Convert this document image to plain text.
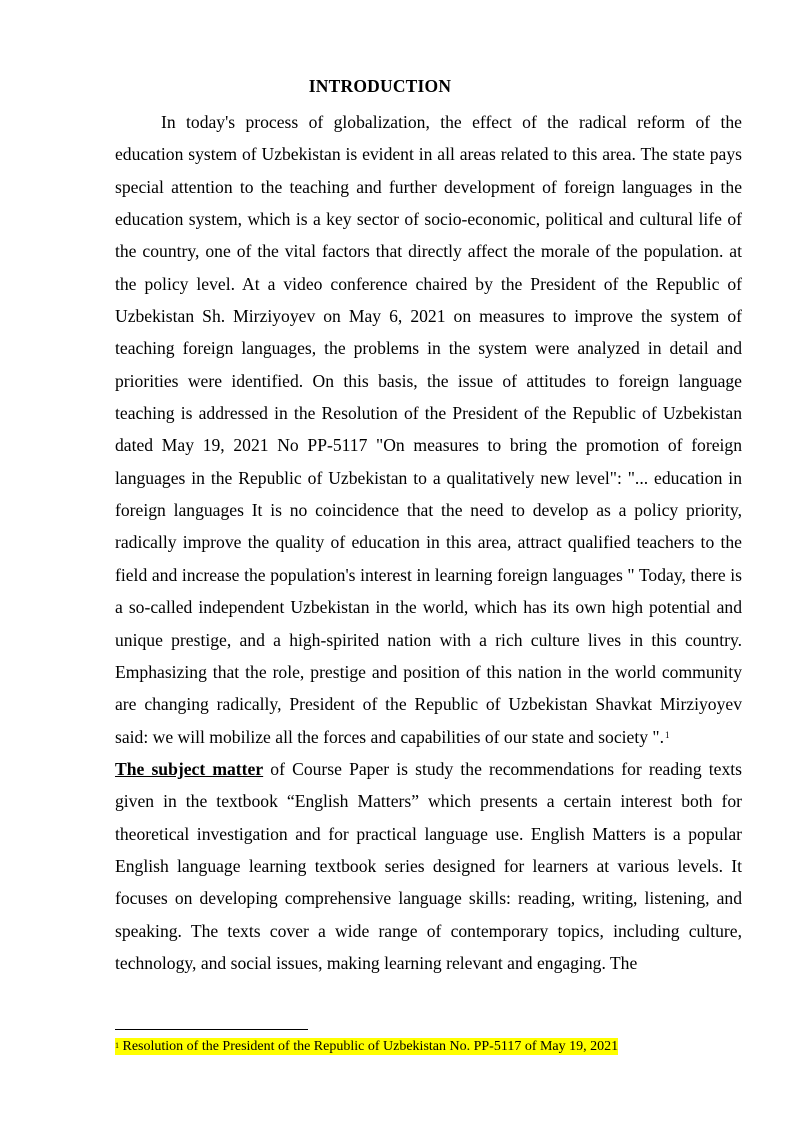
INTRODUCTION

In today's process of globalization, the effect of the radical reform of the education system of Uzbekistan is evident in all areas related to this area. The state pays special attention to the teaching and further development of foreign languages in the education system, which is a key sector of socio-economic, political and cultural life of the country, one of the vital factors that directly affect the morale of the population. at the policy level. At a video conference chaired by the President of the Republic of Uzbekistan Sh. Mirziyoyev on May 6, 2021 on measures to improve the system of teaching foreign languages, the problems in the system were analyzed in detail and priorities were identified. On this basis, the issue of attitudes to foreign language teaching is addressed in the Resolution of the President of the Republic of Uzbekistan dated May 19, 2021 No PP-5117 "On measures to bring the promotion of foreign languages in the Republic of Uzbekistan to a qualitatively new level": "... education in foreign languages It is no coincidence that the need to develop as a policy priority, radically improve the quality of education in this area, attract qualified teachers to the field and increase the population's interest in learning foreign languages " Today, there is a so-called independent Uzbekistan in the world, which has its own high potential and unique prestige, and a high-spirited nation with a rich culture lives in this country. Emphasizing that the role, prestige and position of this nation in the world community are changing radically, President of the Republic of Uzbekistan Shavkat Mirziyoyev said: we will mobilize all the forces and capabilities of our state and society ".$^1$

The subject matter of Course Paper is study the recommendations for reading texts given in the textbook “English Matters” which presents a certain interest both for theoretical investigation and for practical language use. English Matters is a popular English language learning textbook series designed for learners at various levels. It focuses on developing comprehensive language skills: reading, writing, listening, and speaking. The texts cover a wide range of contemporary topics, including culture, technology, and social issues, making learning relevant and engaging. The

$^1$ Resolution of the President of the Republic of Uzbekistan No. PP-5117 of May 19, 2021
